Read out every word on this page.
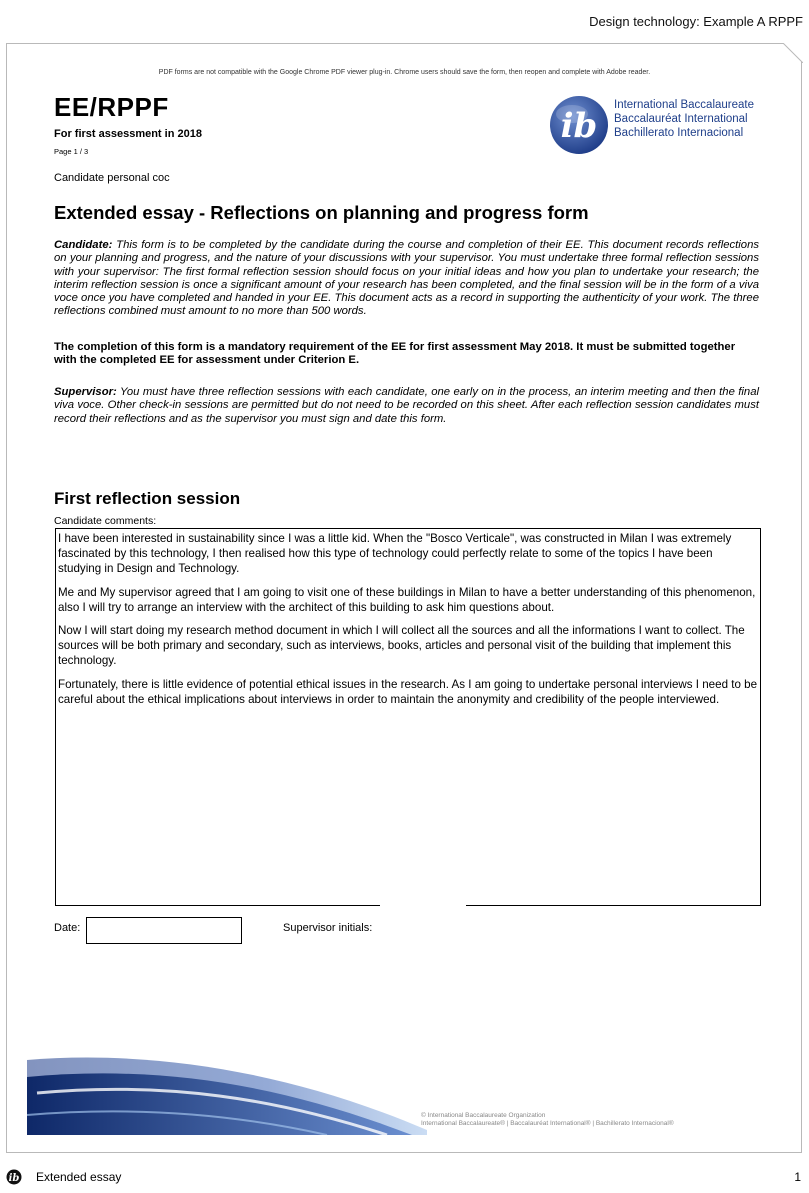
Design technology: Example A RPPF
PDF forms are not compatible with the Google Chrome PDF viewer plug-in. Chrome users should save the form, then reopen and complete with Adobe reader.
EE/RPPF
For first assessment in 2018
Page 1 / 3
Candidate personal coc
ib
International Baccalaureate
Baccalauréat International
Bachillerato Internacional
Extended essay - Reflections on planning and progress form
Candidate: This form is to be completed by the candidate during the course and completion of their EE. This document records reflections on your planning and progress, and the nature of your discussions with your supervisor. You must undertake three formal reflection sessions with your supervisor: The first formal reflection session should focus on your initial ideas and how you plan to undertake your research; the interim reflection session is once a significant amount of your research has been completed, and the final session will be in the form of a viva voce once you have completed and handed in your EE. This document acts as a record in supporting the authenticity of your work. The three reflections combined must amount to no more than 500 words.
The completion of this form is a mandatory requirement of the EE for first assessment May 2018. It must be submitted together with the completed EE for assessment under Criterion E.
Supervisor: You must have three reflection sessions with each candidate, one early on in the process, an interim meeting and then the final viva voce. Other check-in sessions are permitted but do not need to be recorded on this sheet. After each reflection session candidates must record their reflections and as the supervisor you must sign and date this form.
First reflection session
Candidate comments:

I have been interested in sustainability since I was a little kid. When the "Bosco Verticale", was constructed in Milan I was extremely fascinated by this technology, I then realised how this type of technology could perfectly relate to some of the topics I have been studying in Design and Technology.

Me and My supervisor agreed that I am going to visit one of these buildings in Milan to have a better understanding of this phenomenon, also I will try to arrange an interview with the architect of this building to ask him questions about.

Now I will start doing my research method document in which I will collect all the sources and all the informations I want to collect. The sources will be both primary and secondary, such as interviews, books, articles and personal visit of the building that implement this technology.

Fortunately, there is little evidence of potential ethical issues in the research. As I am going to undertake personal interviews I need to be careful about the ethical implications about interviews in order to maintain the anonymity and credibility of the people interviewed.

Date:	Supervisor initials:
© International Baccalaureate Organization
International Baccalaureate® | Baccalauréat International® | Bachillerato Internacional®
ib Extended essay	1
